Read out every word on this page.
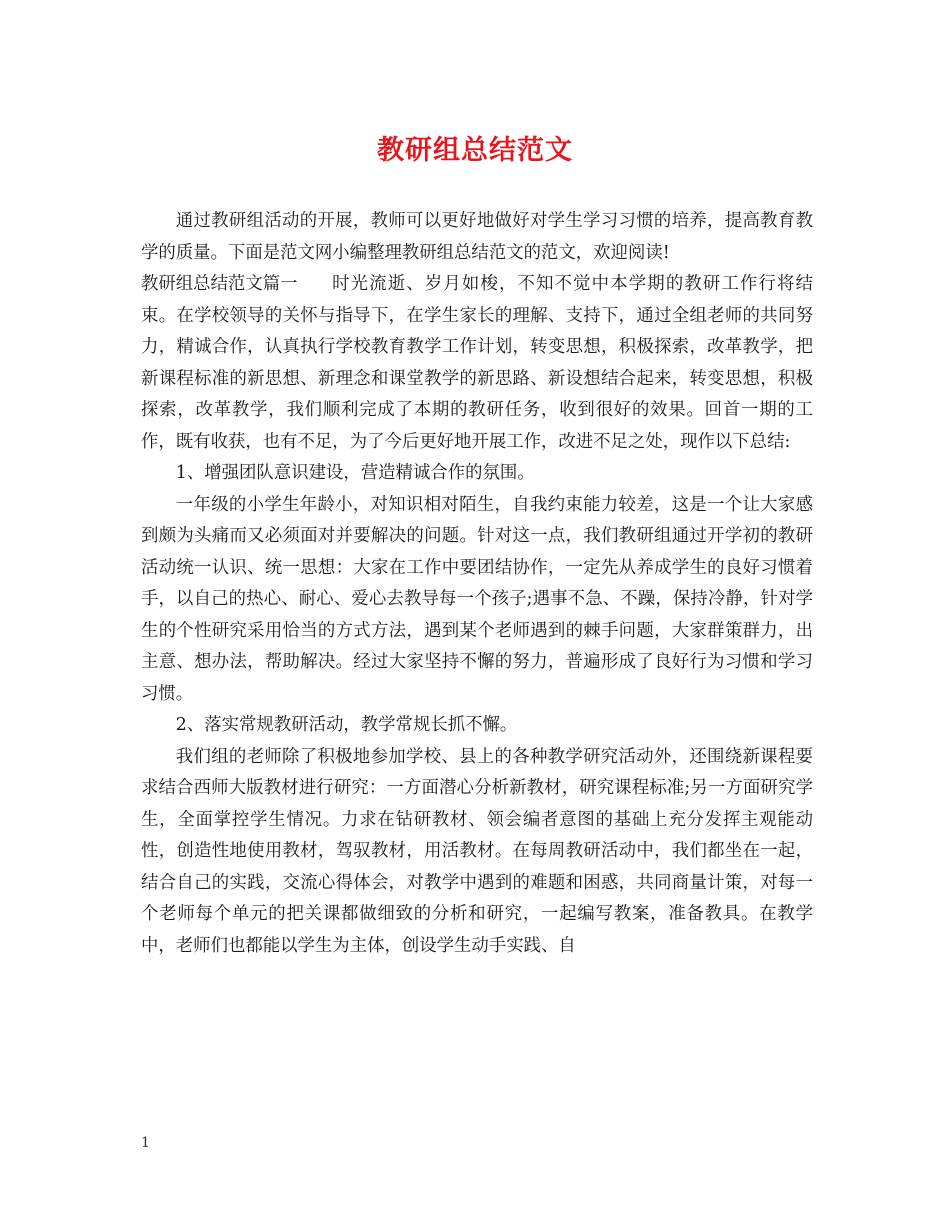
教研组总结范文

通过教研组活动的开展，教师可以更好地做好对学生学习习惯的培养，提高教育教学的质量。下面是范文网小编整理教研组总结范文的范文，欢迎阅读!

教研组总结范文篇一 时光流逝、岁月如梭，不知不觉中本学期的教研工作行将结束。在学校领导的关怀与指导下，在学生家长的理解、支持下，通过全组老师的共同努力，精诚合作，认真执行学校教育教学工作计划，转变思想，积极探索，改革教学，把新课程标准的新思想、新理念和课堂教学的新思路、新设想结合起来，转变思想，积极探索，改革教学，我们顺利完成了本期的教研任务，收到很好的效果。回首一期的工作，既有收获，也有不足，为了今后更好地开展工作，改进不足之处，现作以下总结:

1、增强团队意识建设，营造精诚合作的氛围。

一年级的小学生年龄小，对知识相对陌生，自我约束能力较差，这是一个让大家感到颇为头痛而又必须面对并要解决的问题。针对这一点，我们教研组通过开学初的教研活动统一认识、统一思想：大家在工作中要团结协作，一定先从养成学生的良好习惯着手，以自己的热心、耐心、爱心去教导每一个孩子;遇事不急、不躁，保持冷静，针对学生的个性研究采用恰当的方式方法，遇到某个老师遇到的棘手问题，大家群策群力，出主意、想办法，帮助解决。经过大家坚持不懈的努力，普遍形成了良好行为习惯和学习习惯。

2、落实常规教研活动，教学常规长抓不懈。

我们组的老师除了积极地参加学校、县上的各种教学研究活动外，还围绕新课程要求结合西师大版教材进行研究：一方面潜心分析新教材，研究课程标准;另一方面研究学生，全面掌控学生情况。力求在钻研教材、领会编者意图的基础上充分发挥主观能动性，创造性地使用教材，驾驭教材，用活教材。在每周教研活动中，我们都坐在一起，结合自己的实践，交流心得体会，对教学中遇到的难题和困惑，共同商量计策，对每一个老师每个单元的把关课都做细致的分析和研究，一起编写教案，准备教具。在教学中，老师们也都能以学生为主体，创设学生动手实践、自

1
